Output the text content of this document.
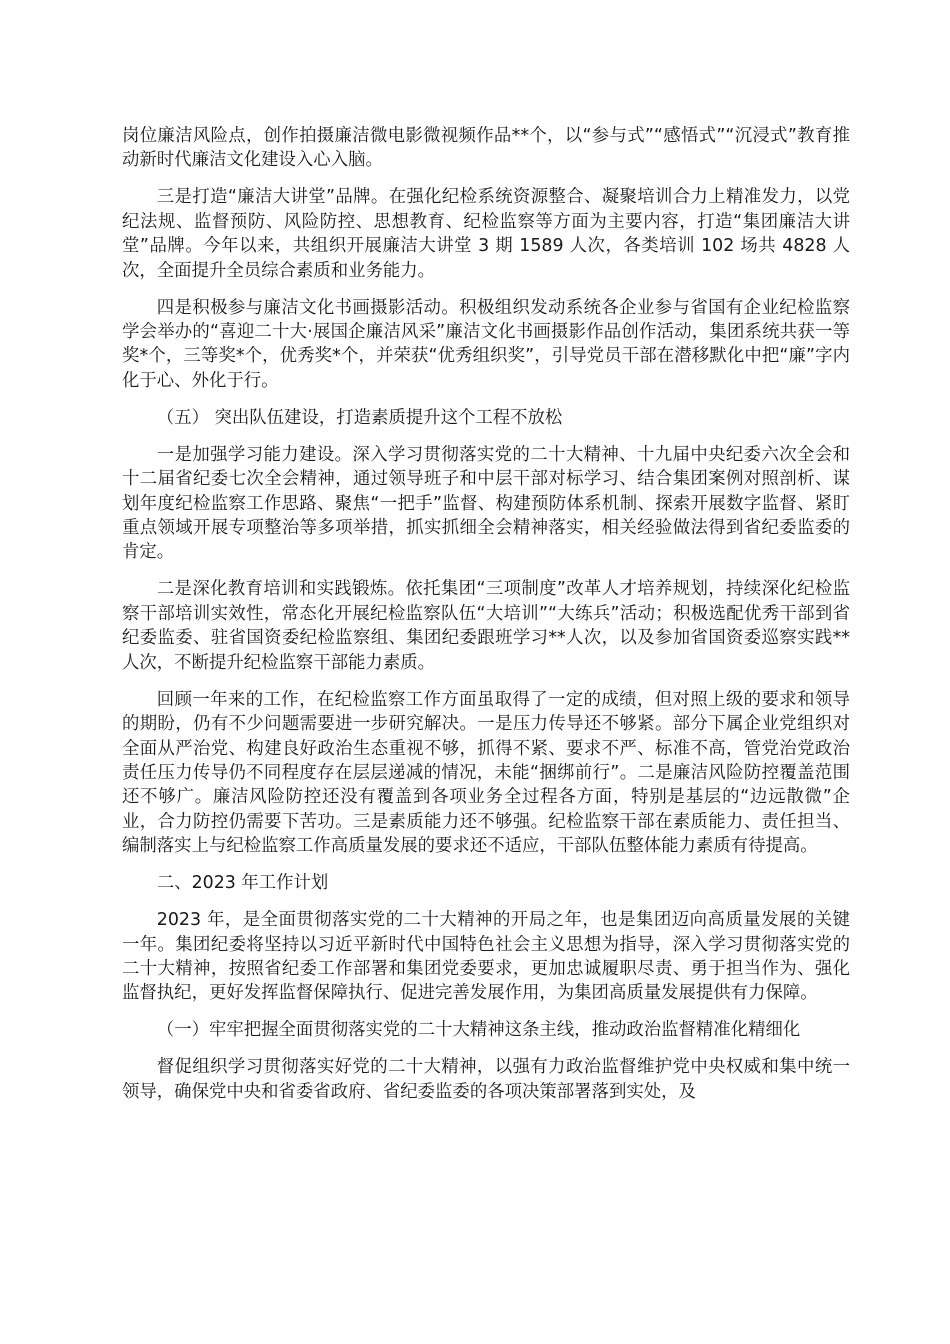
岗位廉洁风险点，创作拍摄廉洁微电影微视频作品**个，以“参与式”“感悟式”“沉浸式”教育推动新时代廉洁文化建设入心入脑。

三是打造“廉洁大讲堂”品牌。在强化纪检系统资源整合、凝聚培训合力上精准发力，以党纪法规、监督预防、风险防控、思想教育、纪检监察等方面为主要内容，打造“集团廉洁大讲堂”品牌。今年以来，共组织开展廉洁大讲堂 3 期 1589 人次，各类培训 102 场共 4828 人次，全面提升全员综合素质和业务能力。

四是积极参与廉洁文化书画摄影活动。积极组织发动系统各企业参与省国有企业纪检监察学会举办的“喜迎二十大·展国企廉洁风采”廉洁文化书画摄影作品创作活动，集团系统共获一等奖*个，三等奖*个，优秀奖*个，并荣获“优秀组织奖”，引导党员干部在潜移默化中把“廉”字内化于心、外化于行。

（五） 突出队伍建设，打造素质提升这个工程不放松

一是加强学习能力建设。深入学习贯彻落实党的二十大精神、十九届中央纪委六次全会和十二届省纪委七次全会精神，通过领导班子和中层干部对标学习、结合集团案例对照剖析、谋划年度纪检监察工作思路、聚焦“一把手”监督、构建预防体系机制、探索开展数字监督、紧盯重点领域开展专项整治等多项举措，抓实抓细全会精神落实，相关经验做法得到省纪委监委的肯定。

二是深化教育培训和实践锻炼。依托集团“三项制度”改革人才培养规划，持续深化纪检监察干部培训实效性，常态化开展纪检监察队伍“大培训”“大练兵”活动；积极选配优秀干部到省纪委监委、驻省国资委纪检监察组、集团纪委跟班学习**人次，以及参加省国资委巡察实践**人次，不断提升纪检监察干部能力素质。

回顾一年来的工作，在纪检监察工作方面虽取得了一定的成绩，但对照上级的要求和领导的期盼，仍有不少问题需要进一步研究解决。一是压力传导还不够紧。部分下属企业党组织对全面从严治党、构建良好政治生态重视不够，抓得不紧、要求不严、标准不高，管党治党政治责任压力传导仍不同程度存在层层递减的情况，未能“捆绑前行”。二是廉洁风险防控覆盖范围还不够广。廉洁风险防控还没有覆盖到各项业务全过程各方面，特别是基层的“边远散微”企业，合力防控仍需要下苦功。三是素质能力还不够强。纪检监察干部在素质能力、责任担当、编制落实上与纪检监察工作高质量发展的要求还不适应，干部队伍整体能力素质有待提高。

二、2023 年工作计划

2023 年，是全面贯彻落实党的二十大精神的开局之年，也是集团迈向高质量发展的关键一年。集团纪委将坚持以习近平新时代中国特色社会主义思想为指导，深入学习贯彻落实党的二十大精神，按照省纪委工作部署和集团党委要求，更加忠诚履职尽责、勇于担当作为、强化监督执纪，更好发挥监督保障执行、促进完善发展作用，为集团高质量发展提供有力保障。

（一）牢牢把握全面贯彻落实党的二十大精神这条主线，推动政治监督精准化精细化

督促组织学习贯彻落实好党的二十大精神，以强有力政治监督维护党中央权威和集中统一领导，确保党中央和省委省政府、省纪委监委的各项决策部署落到实处，及
